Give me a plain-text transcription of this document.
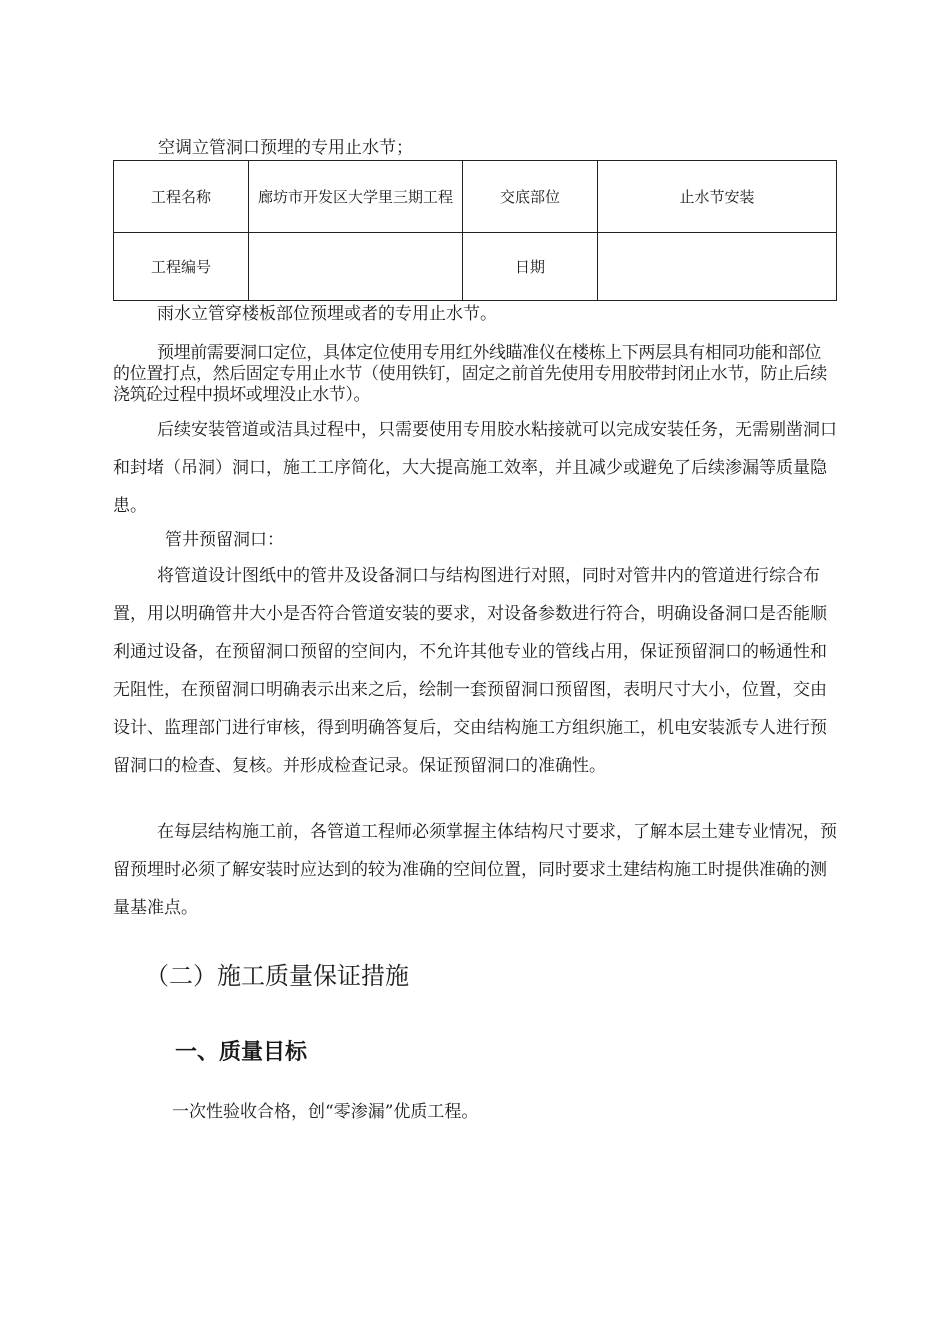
空调立管洞口预埋的专用止水节；
工程名称	廊坊市开发区大学里三期工程	交底部位	止水节安装
工程编号		日期	
雨水立管穿楼板部位预埋或者的专用止水节。
预埋前需要洞口定位，具体定位使用专用红外线瞄准仪在楼栋上下两层具有相同功能和部位的位置打点，然后固定专用止水节（使用铁钉，固定之前首先使用专用胶带封闭止水节，防止后续浇筑砼过程中损坏或埋没止水节）。
后续安装管道或洁具过程中，只需要使用专用胶水粘接就可以完成安装任务，无需剔凿洞口和封堵（吊洞）洞口，施工工序简化，大大提高施工效率，并且减少或避免了后续渗漏等质量隐患。
管井预留洞口：
将管道设计图纸中的管井及设备洞口与结构图进行对照，同时对管井内的管道进行综合布置，用以明确管井大小是否符合管道安装的要求，对设备参数进行符合，明确设备洞口是否能顺利通过设备，在预留洞口预留的空间内，不允许其他专业的管线占用，保证预留洞口的畅通性和无阻性，在预留洞口明确表示出来之后，绘制一套预留洞口预留图，表明尺寸大小，位置，交由设计、监理部门进行审核，得到明确答复后，交由结构施工方组织施工，机电安装派专人进行预留洞口的检查、复核。并形成检查记录。保证预留洞口的准确性。
在每层结构施工前，各管道工程师必须掌握主体结构尺寸要求，了解本层土建专业情况，预留预埋时必须了解安装时应达到的较为准确的空间位置，同时要求土建结构施工时提供准确的测量基准点。
（二）施工质量保证措施
一、质量目标
一次性验收合格，创“零渗漏”优质工程。
